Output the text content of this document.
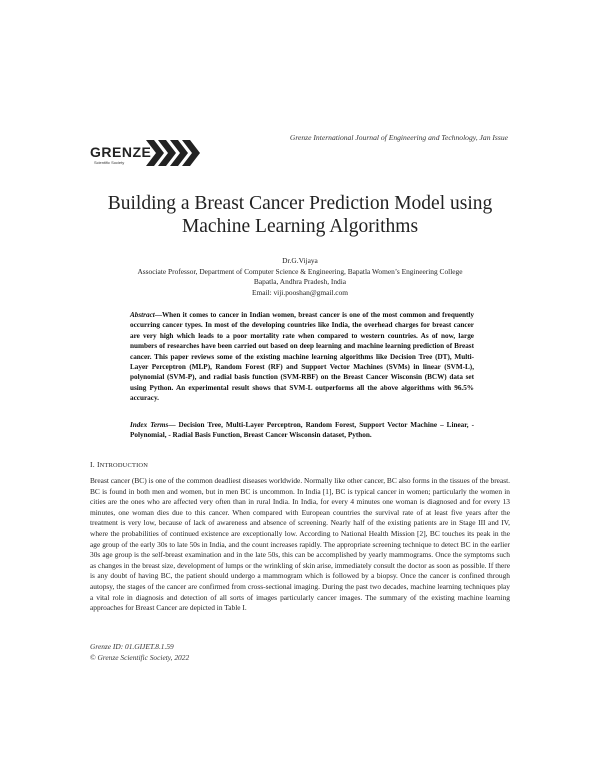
GRENZE
Scientific Society
Grenze International Journal of Engineering and Technology, Jan Issue
Building a Breast Cancer Prediction Model using
Machine Learning Algorithms
Dr.G.Vijaya
Associate Professor, Department of Computer Science & Engineering, Bapatla Women’s Engineering College
Bapatla, Andhra Pradesh, India
Email: viji.pooshan@gmail.com
Abstract—When it comes to cancer in Indian women, breast cancer is one of the most common and frequently occurring cancer types. In most of the developing countries like India, the overhead charges for breast cancer are very high which leads to a poor mortality rate when compared to western countries. As of now, large numbers of researches have been carried out based on deep learning and machine learning prediction of Breast cancer. This paper reviews some of the existing machine learning algorithms like Decision Tree (DT), Multi-Layer Perceptron (MLP), Random Forest (RF) and Support Vector Machines (SVMs) in linear (SVM-L), polynomial (SVM-P), and radial basis function (SVM-RBF) on the Breast Cancer Wisconsin (BCW) data set using Python. An experimental result shows that SVM-L outperforms all the above algorithms with 96.5% accuracy.
Index Terms— Decision Tree, Multi-Layer Perceptron, Random Forest, Support Vector Machine – Linear, - Polynomial, - Radial Basis Function, Breast Cancer Wisconsin dataset, Python.
I. INTRODUCTION
Breast cancer (BC) is one of the common deadliest diseases worldwide. Normally like other cancer, BC also forms in the tissues of the breast. BC is found in both men and women, but in men BC is uncommon. In India [1], BC is typical cancer in women; particularly the women in cities are the ones who are affected very often than in rural India. In India, for every 4 minutes one woman is diagnosed and for every 13 minutes, one woman dies due to this cancer. When compared with European countries the survival rate of at least five years after the treatment is very low, because of lack of awareness and absence of screening. Nearly half of the existing patients are in Stage III and IV, where the probabilities of continued existence are exceptionally low. According to National Health Mission [2], BC touches its peak in the age group of the early 30s to late 50s in India, and the count increases rapidly. The appropriate screening technique to detect BC in the earlier 30s age group is the self-breast examination and in the late 50s, this can be accomplished by yearly mammograms. Once the symptoms such as changes in the breast size, development of lumps or the wrinkling of skin arise, immediately consult the doctor as soon as possible. If there is any doubt of having BC, the patient should undergo a mammogram which is followed by a biopsy. Once the cancer is confined through autopsy, the stages of the cancer are confirmed from cross-sectional imaging. During the past two decades, machine learning techniques play a vital role in diagnosis and detection of all sorts of images particularly cancer images. The summary of the existing machine learning approaches for Breast Cancer are depicted in Table I.
Grenze ID: 01.GIJET.8.1.59
© Grenze Scientific Society, 2022
